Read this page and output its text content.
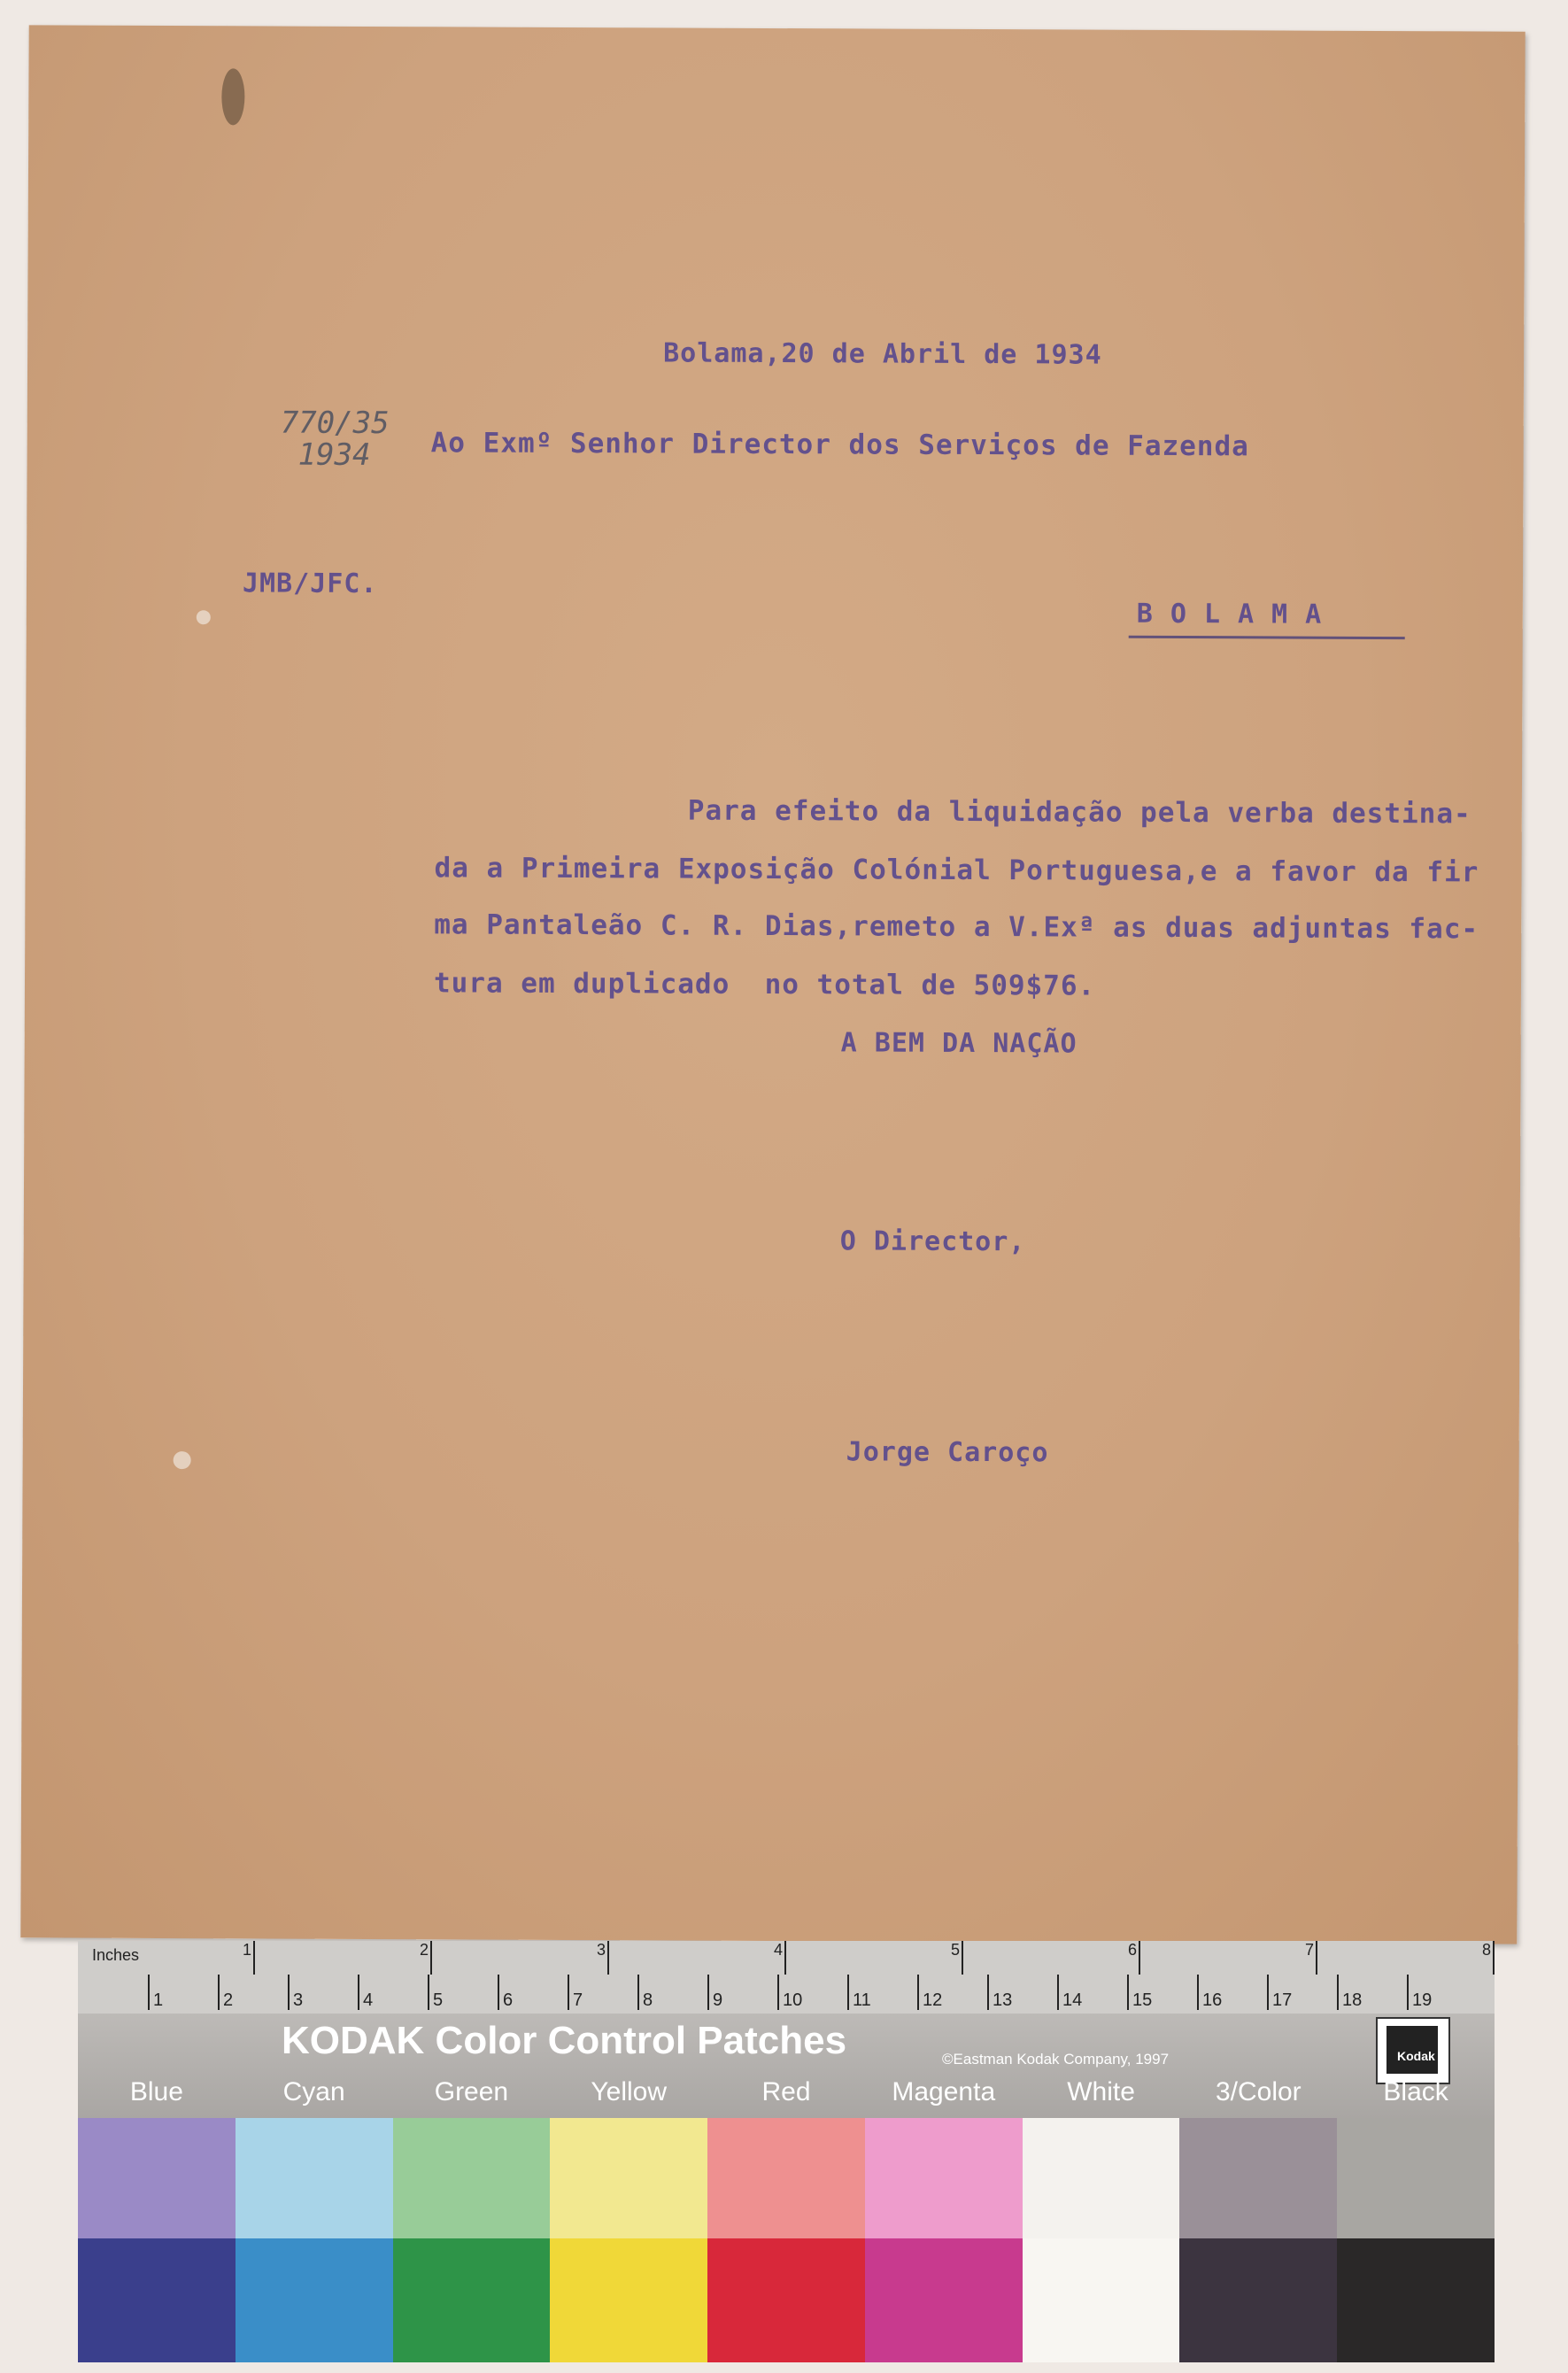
Bolama,20 de Abril de 1934
770/35
1934 Ao Exmº Senhor Director dos Serviços de Fazenda
JMB/JFC.
BOLAMA
Para efeito da liquidação pela verba destina-
da a Primeira Exposição Colónial Portuguesa,e a favor da fir
ma Pantaleão C. R. Dias,remeto a V.Exª as duas adjuntas fac-
tura em duplicado  no total de 509$76.
A BEM DA NAÇÃO
O Director,
Jorge Caroço
Inches
KODAK Color Control Patches	©Eastman Kodak Company, 1997	Kodak
Blue	Cyan	Green	Yellow	Red	Magenta	White	3/Color	Black
1	2	3	4	5	6	7	8
1	2	3	4	5	6	7	8	9	10	11	12	13	14	15	16	17	18	19
